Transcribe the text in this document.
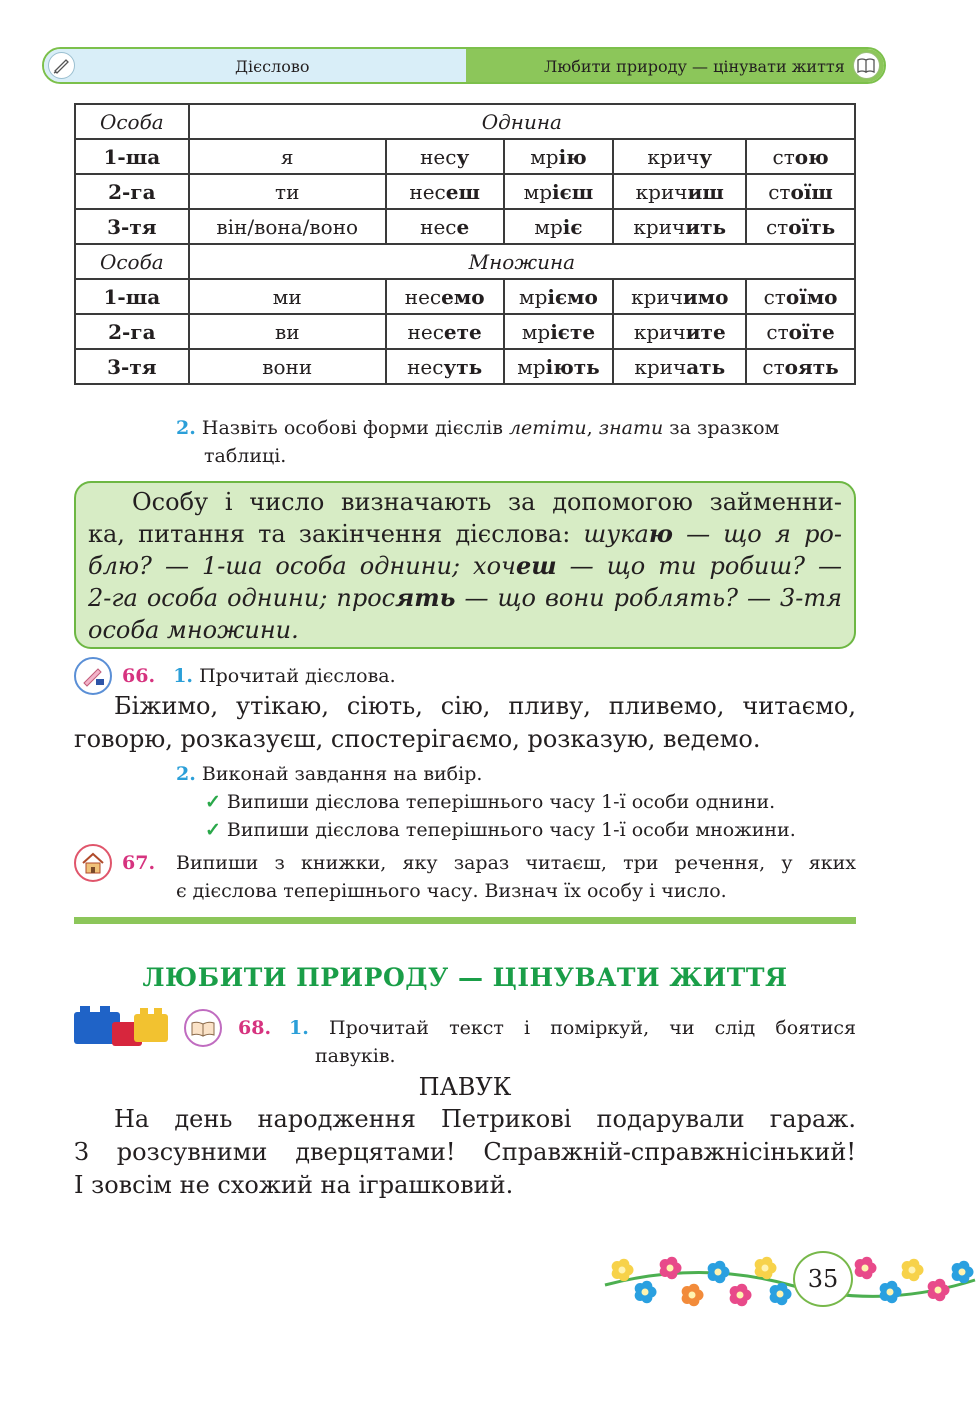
Дієслово	Любити природу — цінувати життя
Особа	Однина				
1-ша	я	несу	мрію	кричу	стою
2-га	ти	несеш	мрієш	кричиш	стоїш
3-тя	він/вона/воно	несе	мріє	кричить	стоїть
Особа	Множина				
1-ша	ми	несемо	мріємо	кричимо	стоїмо
2-га	ви	несете	мрієте	кричите	стоїте
3-тя	вони	несуть	мріють	кричать	стоять
2. Назвіть особові форми дієслів летіти, знати за зразком
таблиці.
Особу і число визначають за допомогою займенни-
ка, питання та закінчення дієслова: шукаю — що я ро-
блю? — 1-ша особа однини; хочеш — що ти робиш? —
2-га особа однини; просять — що вони роблять? — 3-тя
особа множини.
66. 1. Прочитай дієслова.
Біжимо, утікаю, сіють, сію, пливу, пливемо, читаємо,
говорю, розказуєш, спостерігаємо, розказую, ведемо.
2. Виконай завдання на вибір.
✓ Випиши дієслова теперішнього часу 1-ї особи однини.
✓ Випиши дієслова теперішнього часу 1-ї особи множини.
67. Випиши з книжки, яку зараз читаєш, три речення, у яких
є дієслова теперішнього часу. Визнач їх особу і число.
ЛЮБИТИ ПРИРОДУ — ЦІНУВАТИ ЖИТТЯ
68. 1. Прочитай текст і поміркуй, чи слід боятися
павуків.
ПАВУК
На день народження Петрикові подарували гараж.
З розсувними дверцятами! Справжній-справжнісінький!
І зовсім не схожий на іграшковий.
35
